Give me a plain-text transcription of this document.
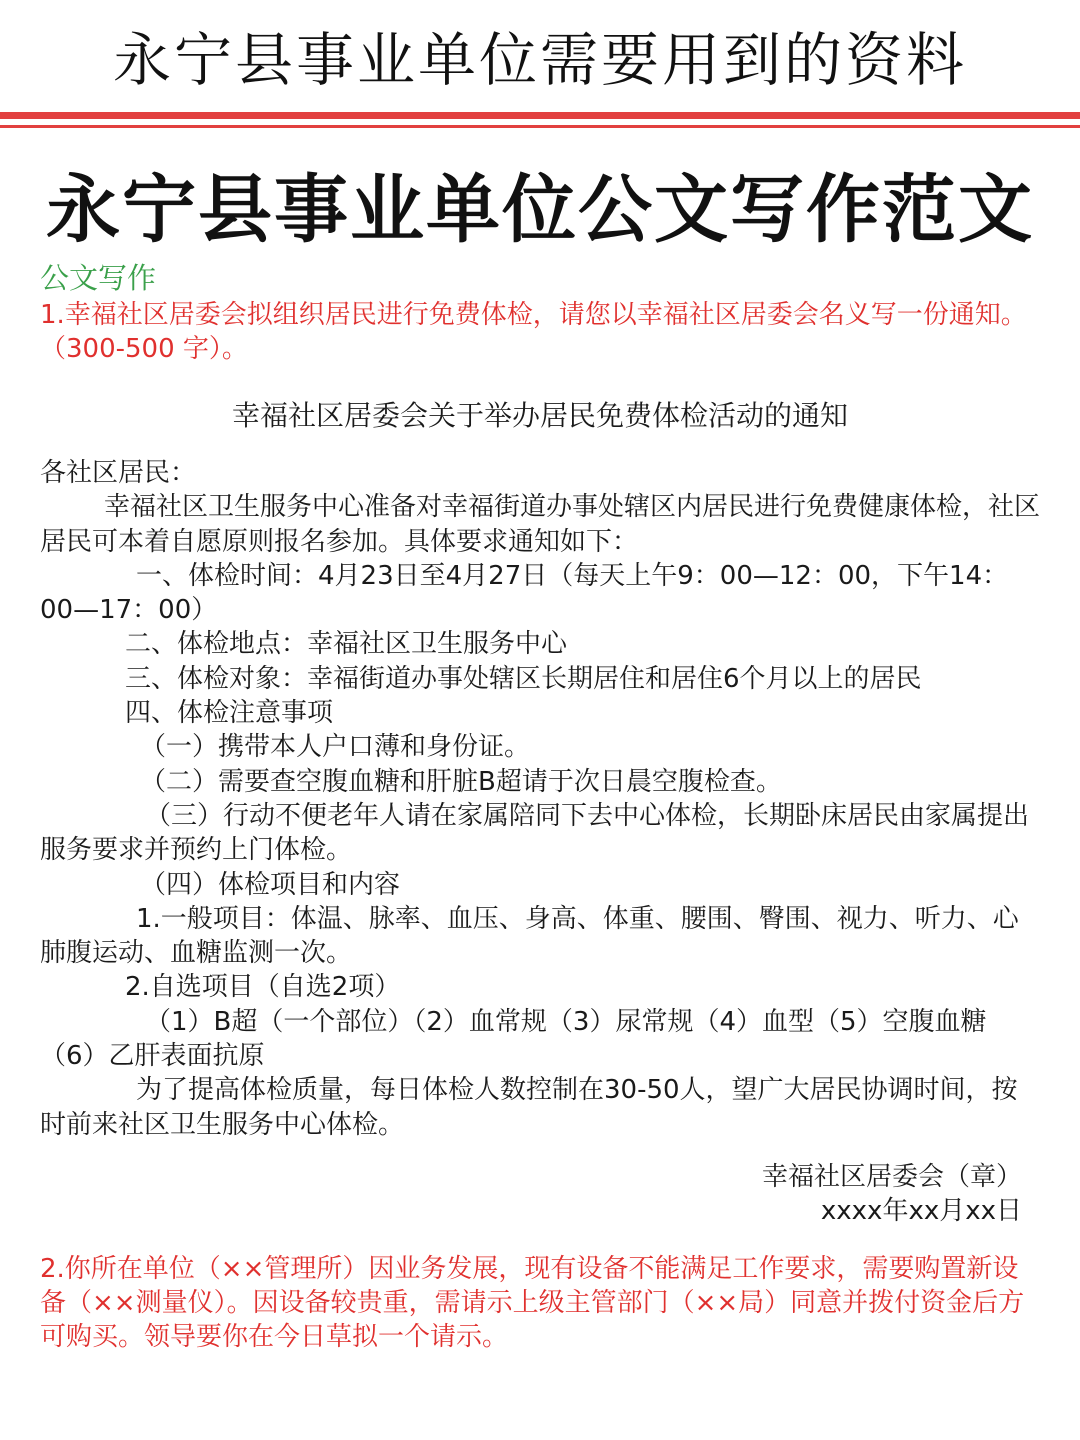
永宁县事业单位需要用到的资料
永宁县事业单位公文写作范文
公文写作
1.幸福社区居委会拟组织居民进行免费体检，请您以幸福社区居委会名义写一份通知。（300-500 字）。
幸福社区居委会关于举办居民免费体检活动的通知

各社区居民：

幸福社区卫生服务中心准备对幸福街道办事处辖区内居民进行免费健康体检，社区居民可本着自愿原则报名参加。具体要求通知如下：

一、体检时间：4月23日至4月27日（每天上午9：00—12：00，下午14：00—17：00）

二、体检地点：幸福社区卫生服务中心

三、体检对象：幸福街道办事处辖区长期居住和居住6个月以上的居民

四、体检注意事项

（一）携带本人户口薄和身份证。

（二）需要查空腹血糖和肝脏B超请于次日晨空腹检查。

（三）行动不便老年人请在家属陪同下去中心体检，长期卧床居民由家属提出服务要求并预约上门体检。

（四）体检项目和内容

1.一般项目：体温、脉率、血压、身高、体重、腰围、臀围、视力、听力、心肺腹运动、血糖监测一次。

2.自选项目（自选2项）

（1）B超（一个部位）（2）血常规（3）尿常规（4）血型（5）空腹血糖（6）乙肝表面抗原

为了提高体检质量，每日体检人数控制在30-50人，望广大居民协调时间，按时前来社区卫生服务中心体检。

幸福社区居委会（章）
xxxx年xx月xx日
2.你所在单位（××管理所）因业务发展，现有设备不能满足工作要求，需要购置新设备（××测量仪）。因设备较贵重，需请示上级主管部门（××局）同意并拨付资金后方可购买。领导要你在今日草拟一个请示。
